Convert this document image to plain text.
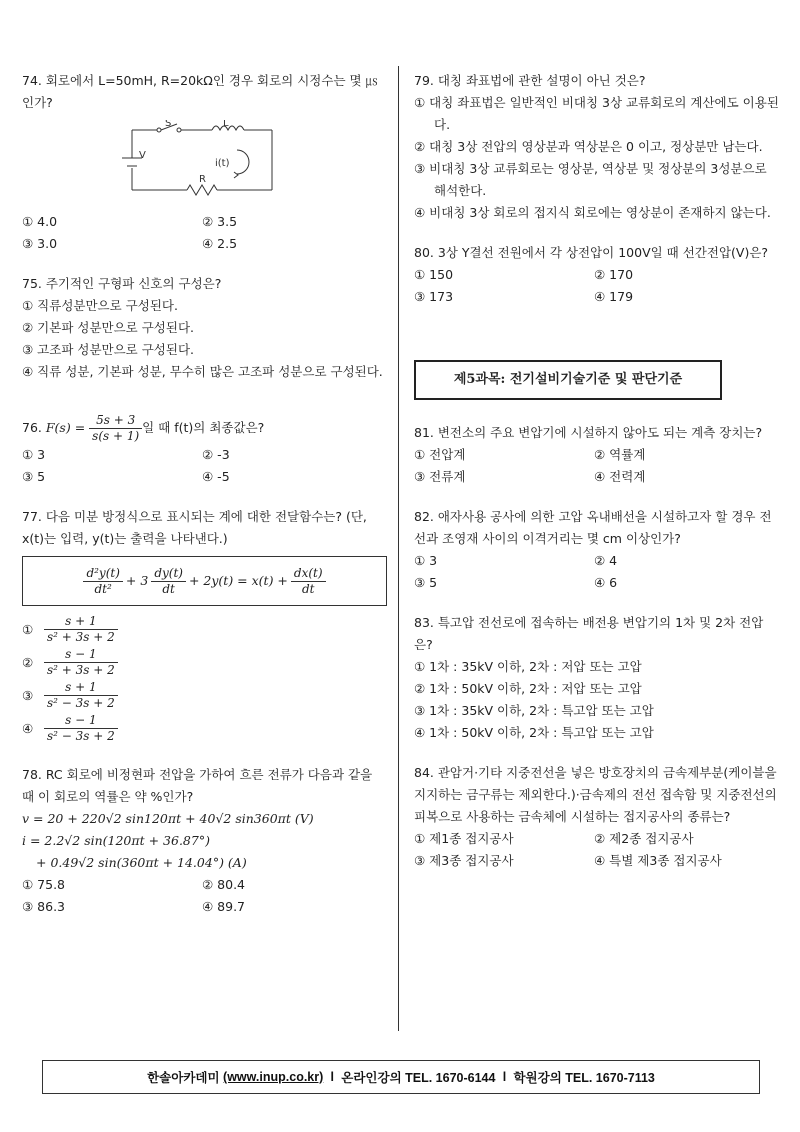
74. 회로에서 L=50mH, R=20kΩ인 경우 회로의 시정수는 몇 ㎲ 인가?

S	L
V
i(t)
R
① 4.0	② 3.5
③ 3.0	④ 2.5

75. 주기적인 구형파 신호의 구성은?

① 직류성분만으로 구성된다.
② 기본파 성분만으로 구성된다.
③ 고조파 성분만으로 구성된다.
④ 직류 성분, 기본파 성분, 무수히 많은 고조파 성분으로 구성된다.

76. $F(s) = \frac{5s + 3}{s(s + 1)}$ 일 때 f(t)의 최종값은?

① 3	② -3
③ 5	④ -5

77. 다음 미분 방정식으로 표시되는 계에 대한 전달함수는? (단, x(t)는 입력, y(t)는 출력을 나타낸다.)

$\frac{\text{d²y(t)}}{\text{dt²}} + 3 \frac{dy(t)}{dt} + 2y(t) = x(t) + \frac{dx(t)}{dt}$
① $\frac{s + 1}{\text{s² + 3s + 2}}$
② $\frac{s - 1}{\text{s² + 3s + 2}}$
③ $\frac{s + 1}{\text{s² − 3s + 2}}$
④ $\frac{s - 1}{\text{s² − 3s + 2}}$

78. RC 회로에 비정현파 전압을 가하여 흐른 전류가 다음과 같을 때 이 회로의 역률은 약 %인가?

v = 20 + 220√2 sin120πt + 40√2 sin360πt (V)
i = 2.2√2 sin(120πt + 36.87°)
+ 0.49√2 sin(360πt + 14.04°) (A)
① 75.8	② 80.4
③ 86.3	④ 89.7

79. 대칭 좌표법에 관한 설명이 아닌 것은?

① 대칭 좌표법은 일반적인 비대칭 3상 교류회로의 계산에도 이용된다.
② 대칭 3상 전압의 영상분과 역상분은 0 이고, 정상분만 남는다.
③ 비대칭 3상 교류회로는 영상분, 역상분 및 정상분의 3성분으로 해석한다.
④ 비대칭 3상 회로의 접지식 회로에는 영상분이 존재하지 않는다.

80. 3상 Y결선 전원에서 각 상전압이 100V일 때 선간전압(V)은?

① 150	② 170
③ 173	④ 179
제5과목: 전기설비기술기준 및 판단기준

81. 변전소의 주요 변압기에 시설하지 않아도 되는 계측 장치는?

① 전압계	② 역률계
③ 전류계	④ 전력계

82. 애자사용 공사에 의한 고압 옥내배선을 시설하고자 할 경우 전선과 조영재 사이의 이격거리는 몇 cm 이상인가?

① 3	② 4
③ 5	④ 6

83. 특고압 전선로에 접속하는 배전용 변압기의 1차 및 2차 전압은?

① 1차 : 35kV 이하, 2차 : 저압 또는 고압
② 1차 : 50kV 이하, 2차 : 저압 또는 고압
③ 1차 : 35kV 이하, 2차 : 특고압 또는 고압
④ 1차 : 50kV 이하, 2차 : 특고압 또는 고압

84. 관암거·기타 지중전선을 넣은 방호장치의 금속제부분(케이블을 지지하는 금구류는 제외한다.)·금속제의 전선 접속함 및 지중전선의 피복으로 사용하는 금속체에 시설하는 접지공사의 종류는?

① 제1종 접지공사	② 제2종 접지공사
③ 제3종 접지공사	④ 특별 제3종 접지공사
한솔아카데미
(www.inup.co.kr) l 온라인강의 TEL. 1670-6144 l 학원강의 TEL. 1670-7113
